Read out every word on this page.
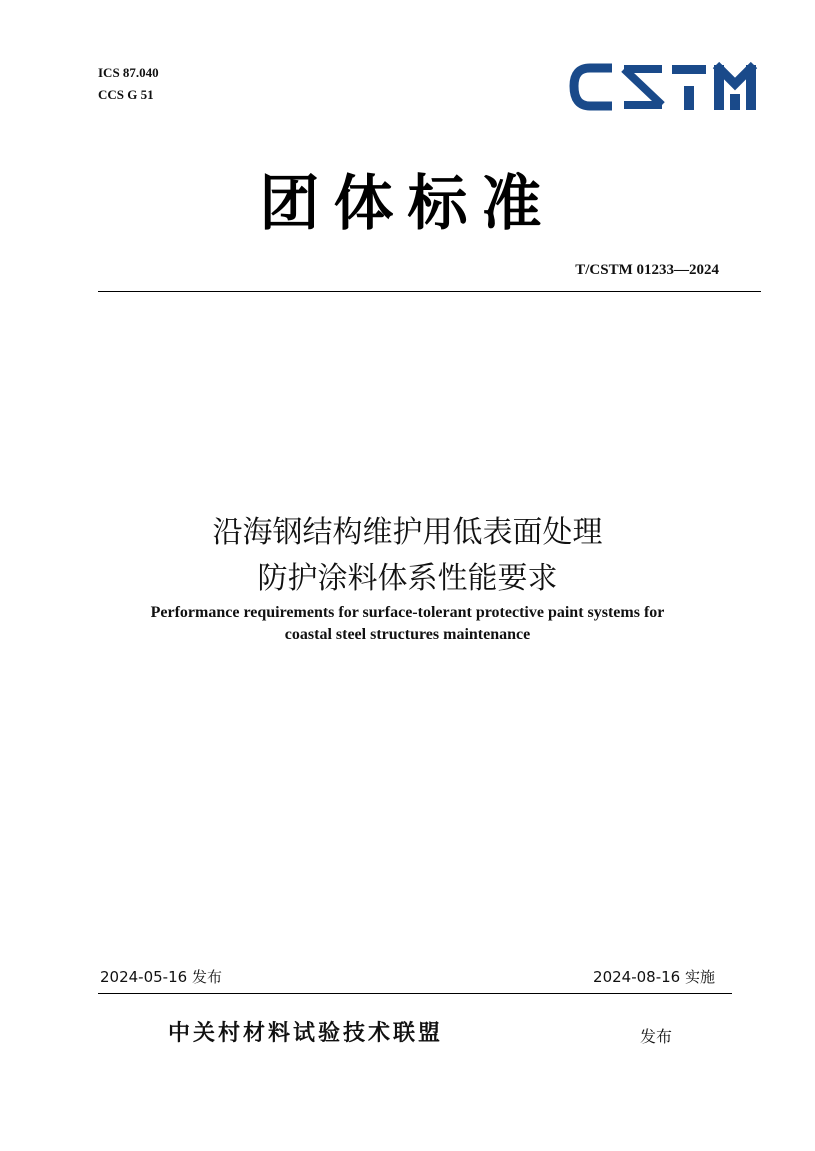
ICS 87.040
CCS G 51
CSTM
团体标准
T/CSTM 01233—2024
沿海钢结构维护用低表面处理
防护涂料体系性能要求
Performance requirements for surface-tolerant protective paint systems for
coastal steel structures maintenance
2024-05-16 发布	2024-08-16 实施
中关村材料试验技术联盟	发布
